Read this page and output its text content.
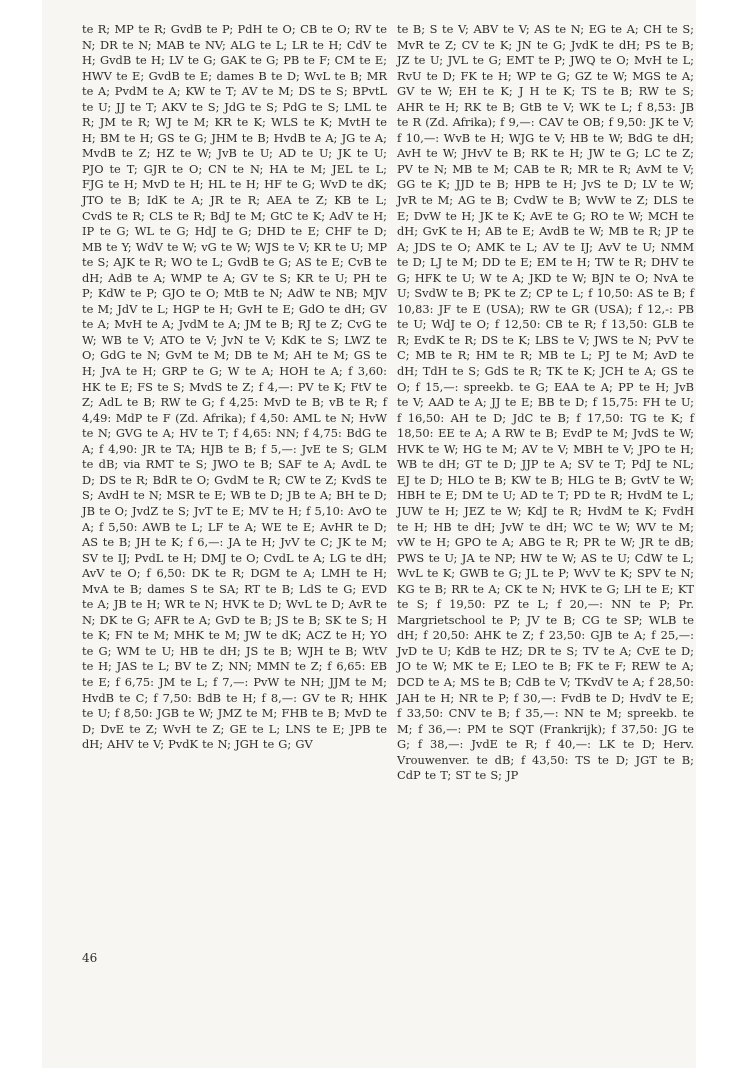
te R; MP te R; GvdB te P; PdH te O; CB te O; RV te N; DR te N; MAB te NV; ALG te L; LR te H; CdV te H; GvdB te H; LV te G; GAK te G; PB te F; CM te E; HWV te E; GvdB te E; dames B te D; WvL te B; MR te A; PvdM te A; KW te T; AV te M; DS te S; BPvtL te U; JJ te T; AKV te S; JdG te S; PdG te S; LML te R; JM te R; WJ te M; KR te K; WLS te K; MvtH te H; BM te H; GS te G; JHM te B; HvdB te A; JG te A; MvdB te Z; HZ te W; JvB te U; AD te U; JK te U; PJO te T; GJR te O; CN te N; HA te M; JEL te L; FJG te H; MvD te H; HL te H; HF te G; WvD te dK; JTO te B; IdK te A; JR te R; AEA te Z; KB te L; CvdS te R; CLS te R; BdJ te M; GtC te K; AdV te H; IP te G; WL te G; HdJ te G; DHD te E; CHF te D; MB te Y; WdV te W; vG te W; WJS te V; KR te U; MP te S; AJK te R; WO te L; GvdB te G; AS te E; CvB te dH; AdB te A; WMP te A; GV te S; KR te U; PH te P; KdW te P; GJO te O; MtB te N; AdW te NB; MJV te M; JdV te L; HGP te H; GvH te E; GdO te dH; GV te A; MvH te A; JvdM te A; JM te B; RJ te Z; CvG te W; WB te V; ATO te V; JvN te V; KdK te S; LWZ te O; GdG te N; GvM te M; DB te M; AH te M; GS te H; JvA te H; GRP te G; W te A; HOH te A; f 3,60: HK te E; FS te S; MvdS te Z; f 4,—: PV te K; FtV te Z; AdL te B; RW te G; f 4,25: MvD te B; vB te R; f 4,49: MdP te F (Zd. Afrika); f 4,50: AML te N; HvW te N; GVG te A; HV te T; f 4,65: NN; f 4,75: BdG te A; f 4,90: JR te TA; HJB te B; f 5,—: JvE te S; GLM te dB; via RMT te S; JWO te B; SAF te A; AvdL te D; DS te R; BdR te O; GvdM te R; CW te Z; KvdS te S; AvdH te N; MSR te E; WB te D; JB te A; BH te D; JB te O; JvdZ te S; JvT te E; MV te H; f 5,10: AvO te A; f 5,50: AWB te L; LF te A; WE te E; AvHR te D; AS te B; JH te K; f 6,—: JA te H; JvV te C; JK te M; SV te IJ; PvdL te H; DMJ te O; CvdL te A; LG te dH; AvV te O; f 6,50: DK te R; DGM te A; LMH te H; MvA te B; dames S te SA; RT te B; LdS te G; EVD te A; JB te H; WR te N; HVK te D; WvL te D; AvR te N; DK te G; AFR te A; GvD te B; JS te B; SK te S; H te K; FN te M; MHK te M; JW te dK; ACZ te H; YO te G; WM te U; HB te dH; JS te B; WJH te B; WtV te H; JAS te L; BV te Z; NN; MMN te Z; f 6,65: EB te E; f 6,75: JM te L; f 7,—: PvW te NH; JJM te M; HvdB te C; f 7,50: BdB te H; f 8,—: GV te R; HHK te U; f 8,50: JGB te W; JMZ te M; FHB te B; MvD te D; DvE te Z; WvH te Z; GE te L; LNS te E; JPB te dH; AHV te V; PvdK te N; JGH te G; GV
te B; S te V; ABV te V; AS te N; EG te A; CH te S; MvR te Z; CV te K; JN te G; JvdK te dH; PS te B; JZ te U; JVL te G; EMT te P; JWQ te O; MvH te L; RvU te D; FK te H; WP te G; GZ te W; MGS te A; GV te W; EH te K; J H te K; TS te B; RW te S; AHR te H; RK te B; GtB te V; WK te L; f 8,53: JB te R (Zd. Afrika); f 9,—: CAV te OB; f 9,50: JK te V; f 10,—: WvB te H; WJG te V; HB te W; BdG te dH; AvH te W; JHvV te B; RK te H; JW te G; LC te Z; PV te N; MB te M; CAB te R; MR te R; AvM te V; GG te K; JJD te B; HPB te H; JvS te D; LV te W; JvR te M; AG te B; CvdW te B; WvW te Z; DLS te E; DvW te H; JK te K; AvE te G; RO te W; MCH te dH; GvK te H; AB te E; AvdB te W; MB te R; JP te A; JDS te O; AMK te L; AV te IJ; AvV te U; NMM te D; LJ te M; DD te E; EM te H; TW te R; DHV te G; HFK te U; W te A; JKD te W; BJN te O; NvA te U; SvdW te B; PK te Z; CP te L; f 10,50: AS te B; f 10,83: JF te E (USA); RW te GR (USA); f 12,-: PB te U; WdJ te O; f 12,50: CB te R; f 13,50: GLB te R; EvdK te R; DS te K; LBS te V; JWS te N; PvV te C; MB te R; HM te R; MB te L; PJ te M; AvD te dH; TdH te S; GdS te R; TK te K; JCH te A; GS te O; f 15,—: spreekb. te G; EAA te A; PP te H; JvB te V; AAD te A; JJ te E; BB te D; f 15,75: FH te U; f 16,50: AH te D; JdC te B; f 17,50: TG te K; f 18,50: EE te A; A RW te B; EvdP te M; JvdS te W; HVK te W; HG te M; AV te V; MBH te V; JPO te H; WB te dH; GT te D; JJP te A; SV te T; PdJ te NL; EJ te D; HLO te B; KW te B; HLG te B; GvtV te W; HBH te E; DM te U; AD te T; PD te R; HvdM te L; JUW te H; JEZ te W; KdJ te R; HvdM te K; FvdH te H; HB te dH; JvW te dH; WC te W; WV te M; vW te H; GPO te A; ABG te R; PR te W; JR te dB; PWS te U; JA te NP; HW te W; AS te U; CdW te L; WvL te K; GWB te G; JL te P; WvV te K; SPV te N; KG te B; RR te A; CK te N; HVK te G; LH te E; KT te S; f 19,50: PZ te L; f 20,—: NN te P; Pr. Margrietschool te P; JV te B; CG te SP; WLB te dH; f 20,50: AHK te Z; f 23,50: GJB te A; f 25,—: JvD te U; KdB te HZ; DR te S; TV te A; CvE te D; JO te W; MK te E; LEO te B; FK te F; REW te A; DCD te A; MS te B; CdB te V; TKvdV te A; f 28,50: JAH te H; NR te P; f 30,—: FvdB te D; HvdV te E; f 33,50: CNV te B; f 35,—: NN te M; spreekb. te M; f 36,—: PM te SQT (Frankrijk); f 37,50: JG te G; f 38,—: JvdE te R; f 40,—: LK te D; Herv. Vrouwenver. te dB; f 43,50: TS te D; JGT te B; CdP te T; ST te S; JP
46
